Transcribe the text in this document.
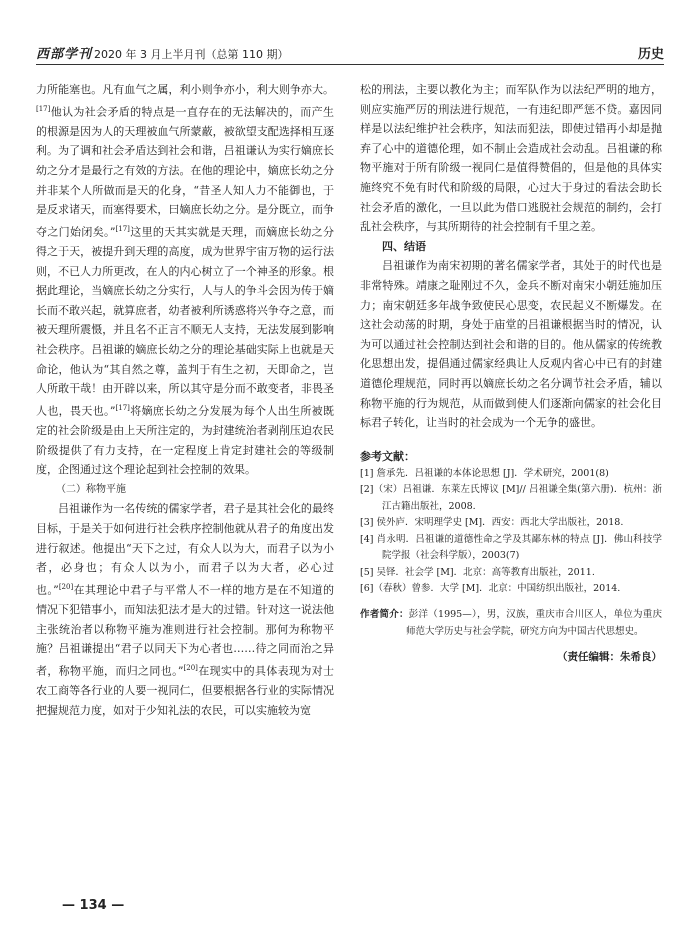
西部学刊 2020 年 3 月上半月刊（总第 110 期）	历史

力所能塞也。凡有血气之属，利小则争亦小，利大则争亦大。[17]他认为社会矛盾的特点是一直存在的无法解决的，而产生的根源是因为人的天理被血气所蒙蔽，被欲望支配选择相互逐利。为了调和社会矛盾达到社会和谐，吕祖谦认为实行嫡庶长幼之分才是最行之有效的方法。在他的理论中，嫡庶长幼之分并非某个人所做而是天的化身，“昔圣人知人力不能御也，于是反求诸天，而塞得要术，曰嫡庶长幼之分。是分既立，而争夺之门始闭矣。”[17]这里的天其实就是天理，而嫡庶长幼之分得之于天，被提升到天理的高度，成为世界宇宙万物的运行法则，不已人力所更改，在人的内心树立了一个神圣的形象。根据此理论，当嫡庶长幼之分实行，人与人的争斗会因为传于嫡长而不敢兴起，就算庶者，幼者被利所诱惑将兴争夺之意，而被天理所震慑，并且名不正言不顺无人支持，无法发展到影响社会秩序。吕祖谦的嫡庶长幼之分的理论基础实际上也就是天命论，他认为“其自然之尊，盖判于有生之初，天即命之，岂人所敢干哉！由开辟以来，所以其守是分而不敢变者，非畏圣人也，畏天也。”[17]将嫡庶长幼之分发展为每个人出生所被既定的社会阶级是由上天所注定的，为封建统治者剥削压迫农民阶级提供了有力支持，在一定程度上肯定封建社会的等级制度，企图通过这个理论起到社会控制的效果。

（二）称物平施

吕祖谦作为一名传统的儒家学者，君子是其社会化的最终目标，于是关于如何进行社会秩序控制他就从君子的角度出发进行叙述。他提出“天下之过，有众人以为大，而君子以为小者，必身也；有众人以为小，而君子以为大者，必心过也。”[20]在其理论中君子与平常人不一样的地方是在不知道的情况下犯错事小，而知法犯法才是大的过错。针对这一说法他主张统治者以称物平施为准则进行社会控制。那何为称物平施？吕祖谦提出“君子以同天下为心者也……待之同而治之异者，称物平施，而归之同也。”[20]在现实中的具体表现为对士农工商等各行业的人要一视同仁，但要根据各行业的实际情况把握规范力度，如对于少知礼法的农民，可以实施较为宽

松的刑法，主要以教化为主；而军队作为以法纪严明的地方，则应实施严厉的刑法进行规范，一有违纪即严惩不贷。嘉因同样是以法纪维护社会秩序，知法而犯法，即使过错再小却是抛弃了心中的道德伦理，如不制止会造成社会动乱。吕祖谦的称物平施对于所有阶级一视同仁是值得赞倡的，但是他的具体实施终究不免有时代和阶级的局限，心过大于身过的看法会助长社会矛盾的激化，一旦以此为借口逃脱社会规范的制约，会打乱社会秩序，与其所期待的社会控制有千里之差。

四、结语

吕祖谦作为南宋初期的著名儒家学者，其处于的时代也是非常特殊。靖康之耻刚过不久，金兵不断对南宋小朝廷施加压力；南宋朝廷多年战争致使民心思变，农民起义不断爆发。在这社会动荡的时期，身处于庙堂的吕祖谦根据当时的情况，认为可以通过社会控制达到社会和谐的目的。他从儒家的传统教化思想出发，提倡通过儒家经典让人反观内省心中已有的封建道德伦理规范，同时再以嫡庶长幼之名分调节社会矛盾，辅以称物平施的行为规范，从而做到使人们逐渐向儒家的社会化目标君子转化，让当时的社会成为一个无争的盛世。

参考文献：
[1] 詹承先．吕祖谦的本体论思想 [J]．学术研究，2001(8)
[2]（宋）吕祖谦．东莱左氏博议 [M]// 吕祖谦全集(第六册)．杭州：浙江古籍出版社，2008.
[3] 侯外庐．宋明理学史 [M]．西安：西北大学出版社，2018.
[4] 肖永明．吕祖谦的道德性命之学及其鄙东林的特点 [J]．佛山科技学院学报（社会科学版），2003(7)
[5] 吴铎．社会学 [M]．北京：高等教育出版社，2011.
[6]（春秋）曾参．大学 [M]．北京：中国纺织出版社，2014.
作者简介：彭洋（1995—），男，汉族，重庆市合川区人，单位为重庆师范大学历史与社会学院，研究方向为中国古代思想史。
（责任编辑：朱希良）
— 134 —
